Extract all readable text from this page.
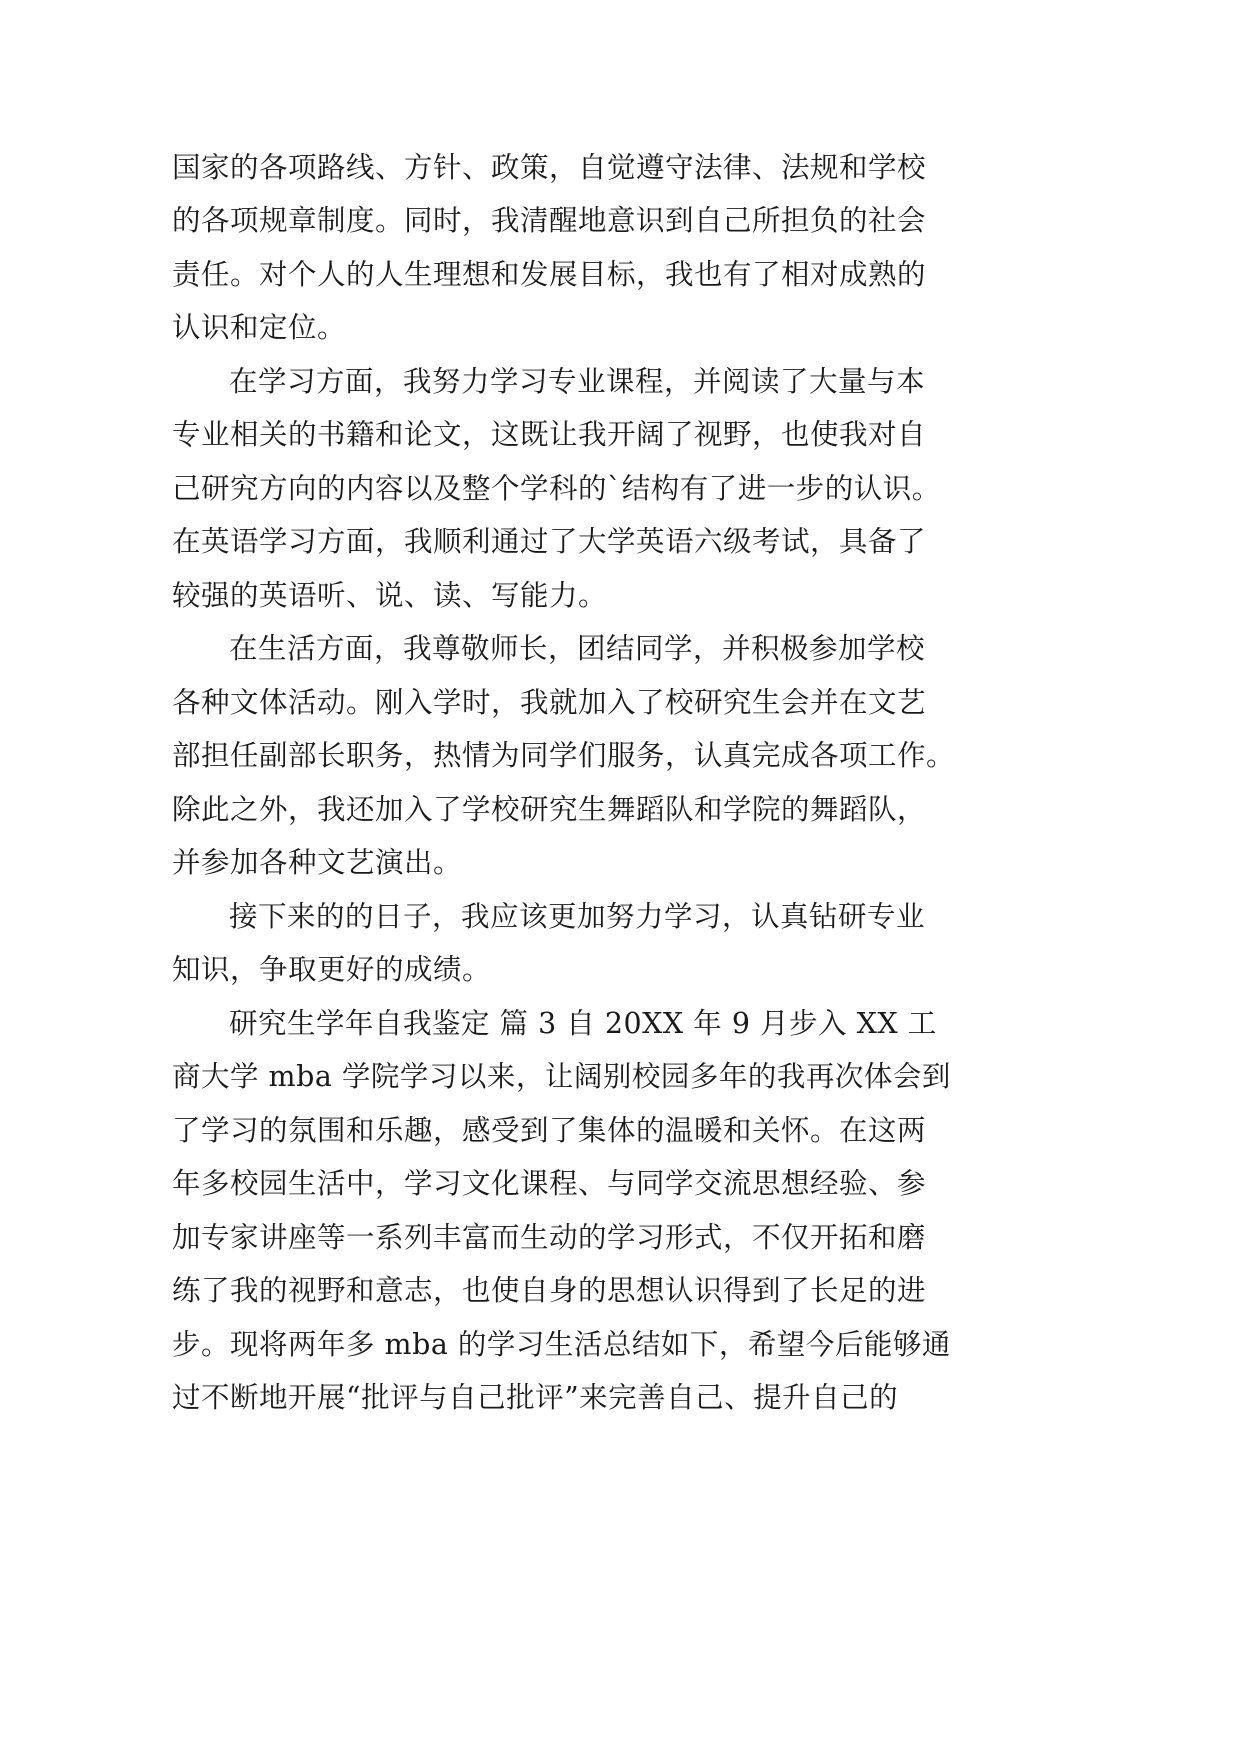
国家的各项路线、方针、政策，自觉遵守法律、法规和学校
的各项规章制度。同时，我清醒地意识到自己所担负的社会
责任。对个人的人生理想和发展目标，我也有了相对成熟的
认识和定位。
在学习方面，我努力学习专业课程，并阅读了大量与本
专业相关的书籍和论文，这既让我开阔了视野，也使我对自
己研究方向的内容以及整个学科的`结构有了进一步的认识。
在英语学习方面，我顺利通过了大学英语六级考试，具备了
较强的英语听、说、读、写能力。
在生活方面，我尊敬师长，团结同学，并积极参加学校
各种文体活动。刚入学时，我就加入了校研究生会并在文艺
部担任副部长职务，热情为同学们服务，认真完成各项工作。
除此之外，我还加入了学校研究生舞蹈队和学院的舞蹈队，
并参加各种文艺演出。
接下来的的日子，我应该更加努力学习，认真钻研专业
知识，争取更好的成绩。
研究生学年自我鉴定 篇 3 自 20XX 年 9 月步入 XX 工
商大学 mba 学院学习以来，让阔别校园多年的我再次体会到
了学习的氛围和乐趣，感受到了集体的温暖和关怀。在这两
年多校园生活中，学习文化课程、与同学交流思想经验、参
加专家讲座等一系列丰富而生动的学习形式，不仅开拓和磨
练了我的视野和意志，也使自身的思想认识得到了长足的进
步。现将两年多 mba 的学习生活总结如下，希望今后能够通
过不断地开展“批评与自己批评”来完善自己、提升自己的
